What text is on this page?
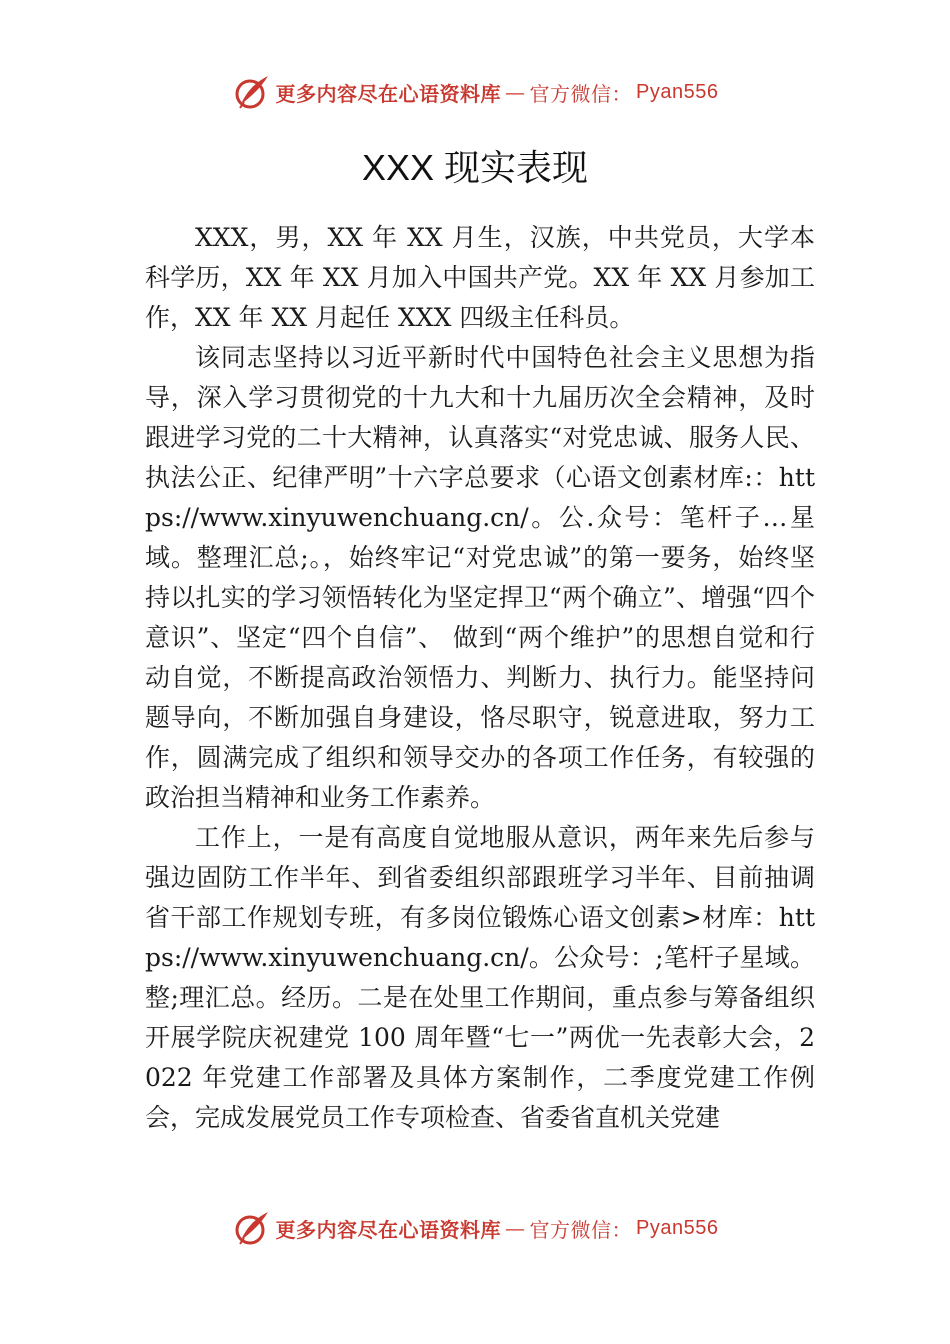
更多内容尽在心语资料库 — 官方微信： Pyan556
XXX 现实表现

XXX，男，XX 年 XX 月生，汉族，中共党员，大学本科学历，XX 年 XX 月加入中国共产党。XX 年 XX 月参加工作，XX 年 XX 月起任 XXX 四级主任科员。

该同志坚持以习近平新时代中国特色社会主义思想为指导，深入学习贯彻党的十九大和十九届历次全会精神，及时跟进学习党的二十大精神，认真落实“对党忠诚、服务人民、执法公正、纪律严明”十六字总要求（心语文创素材库:：https://www.xinyuwenchuang.cn/。公.众号：笔杆子…星域。整理汇总;。，始终牢记“对党忠诚”的第一要务，始终坚持以扎实的学习领悟转化为坚定捍卫“两个确立”、增强“四个意识”、坚定“四个自信”、 做到“两个维护”的思想自觉和行动自觉，不断提高政治领悟力、判断力、执行力。能坚持问题导向，不断加强自身建设，恪尽职守，锐意进取，努力工作，圆满完成了组织和领导交办的各项工作任务，有较强的政治担当精神和业务工作素养。

工作上，一是有高度自觉地服从意识，两年来先后参与强边固防工作半年、到省委组织部跟班学习半年、目前抽调省干部工作规划专班，有多岗位锻炼心语文创素>材库：https://www.xinyuwenchuang.cn/。公众号：;笔杆子星域。整;理汇总。经历。二是在处里工作期间，重点参与筹备组织开展学院庆祝建党 100 周年暨“七一”两优一先表彰大会，2022 年党建工作部署及具体方案制作，二季度党建工作例会，完成发展党员工作专项检查、省委省直机关党建

更多内容尽在心语资料库 — 官方微信： Pyan556
